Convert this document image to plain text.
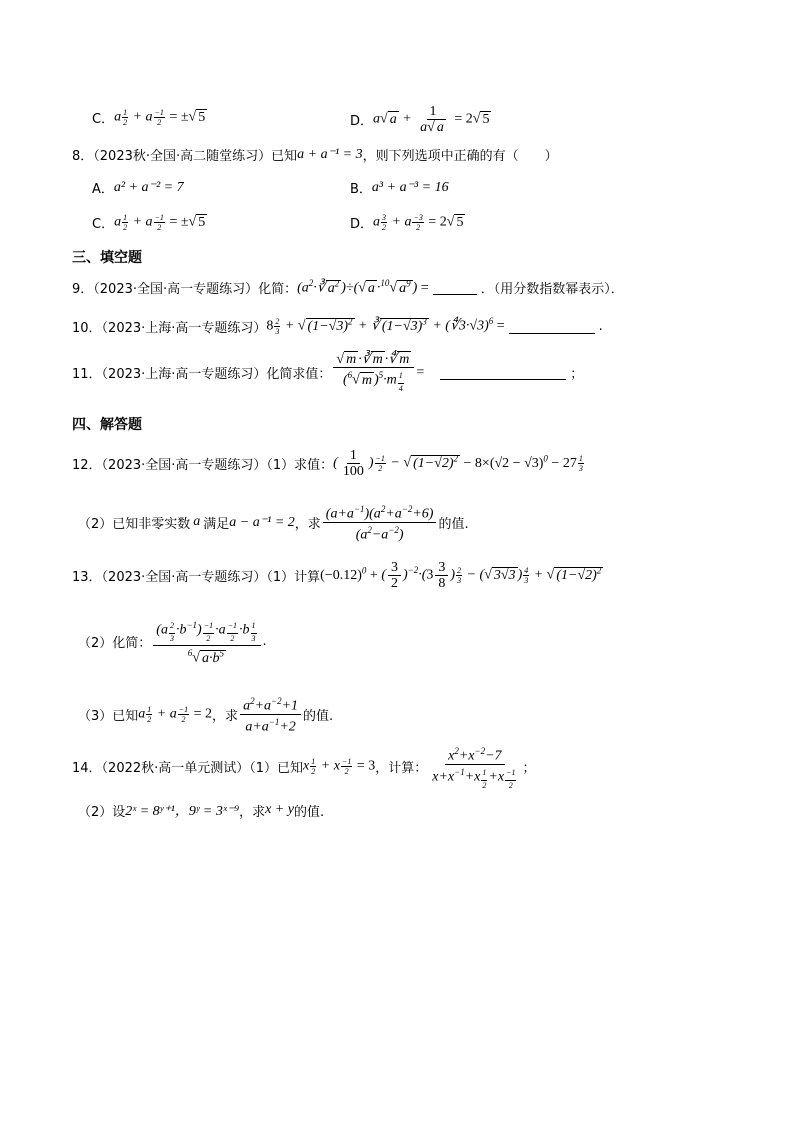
C． a $\frac{1}{2} + a \frac{-1}{2}$ = ±√ 5	D． a√ $a + \frac{1}{a√ a} = 2√$ 5
8．（2023秋·全国·高二随堂练习）已知 a + a⁻¹ = 3 ，则下列选项中正确的有（　　）
A． a² + a⁻² = 7	B． a³ + a⁻³ = 16
C． a $\frac{1}{2} + a \frac{-1}{2}$ = ±√ 5	D． a $\frac{3}{2} + a \frac{-3}{2} = 2√$ 5
三、填空题
9．（2023·全国·高一专题练习）化简： ($a^2\cdot∛$ $a^2$ )÷(√ a ·$^{10}$√ $a^9$ ) =	．（用分数指数幂表示）．
10．（2023·上海·高一专题练习） $8 \frac{2}{3}$ + √ $(1-√3)^2$ + ∛ $(1-√3)^3$ + (∜3·√3)$^6$ =	.
11．（2023·上海·高一专题练习）化简求值： $\frac{√ m \cdot∛ m \cdot∜ m}{(^6√ m )^5\cdot m \frac{1}{4}}$ =	；
四、解答题
12．（2023·全国·高一专题练习）（1）求值： ( $\frac{1}{100}$ ) $\frac{-1}{2}$ − √ $(1-√2)^2 - 8\times(√2 - √3)^0 - 27 \frac{1}{3}$
（2）已知非零实数 a 满足 a − a⁻¹ = 2 ，求
$(a+a^{-1})(a^2+a^{-2}+6)$
$(a^2-a^{-2})$
的值.
13．（2023·全国·高一专题练习）（1）计算 $(-0.12)^0$ + ( $\frac{3}{2} )^{-2}\cdot(3 \frac{3}{8}$ ) $\frac{2}{3}$ − (√ 3√3 ) $\frac{4}{3}$ + √ $(1-√2)^2$
（2）化简：
$(a \frac{2}{3} \cdot b^{-1}) \frac{-1}{2} \cdot a \frac{-1}{2} \cdot b \frac{1}{3}$
$^6$√ $a\cdot b^5$
.
（3）已知 a $\frac{1}{2} + a \frac{-1}{2} = 2$ ，求
$a^2+a^{-2}+1$
$a+a^{-1}+2$
的值.
14．（2022秋·高一单元测试）（1）已知 x $\frac{1}{2} + x \frac{-1}{2} = 3$ ，计算：
$x^2+x^{-2}-7$
$x+x^{-1}+x \frac{1}{2} +x \frac{-1}{2}$ ；
（2）设 2ˣ = 8ʸ⁺¹，9ʸ = 3ˣ⁻⁹ ，求 x + y 的值.
